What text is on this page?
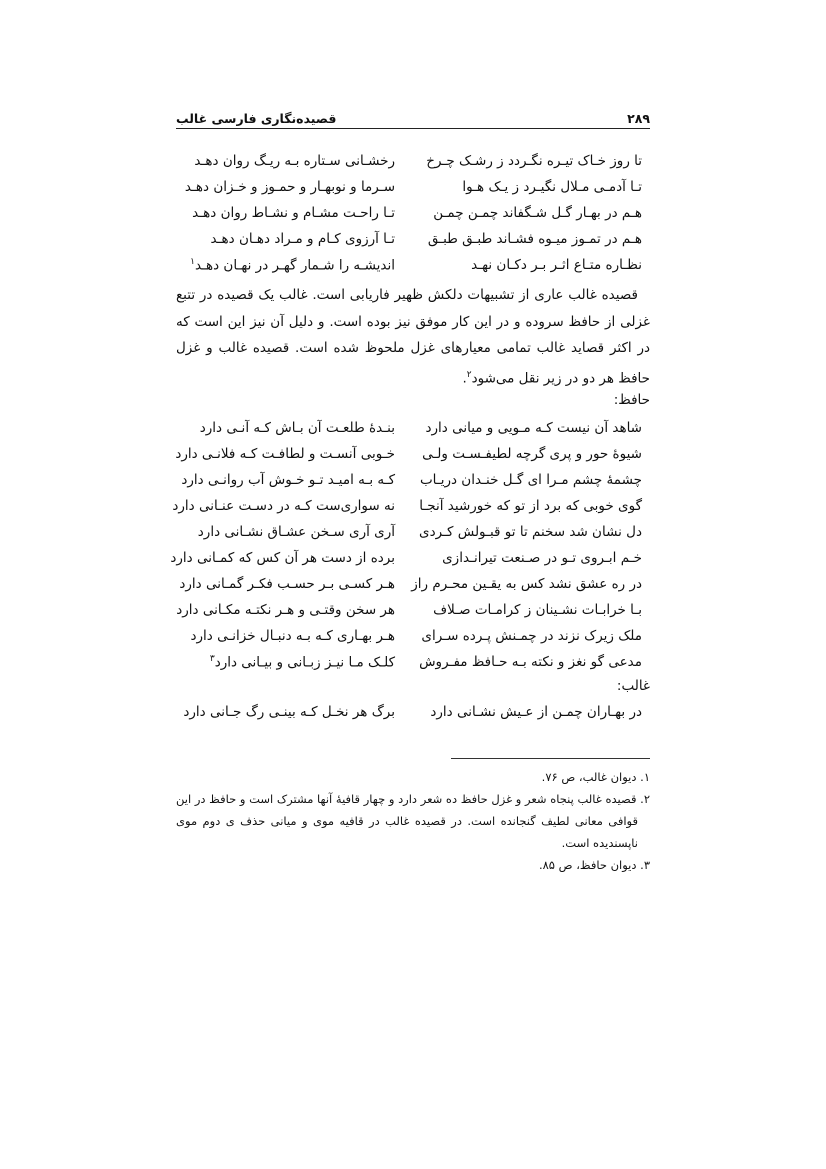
۲۸۹
قصیده‌نگاری فارسی غالب
تا روز خـاک تیـره نگـردد ز رشـک چـرخ
رخشـانی سـتاره بـه ریـگ روان دهـد
تـا آدمـی مـلال نگیـرد ز یـک هـوا
سـرما و نوبهـار و حمـوز و خـزان دهـد
هـم در بهـار گـل شـگفاند چمـن چمـن
تـا راحـت مشـام و نشـاط روان دهـد
هـم در تمـوز میـوه فشـاند طبـق طبـق
تـا آرزوی کـام و مـراد دهـان دهـد
نظـاره متـاع اثـر بـر دکـان نهـد
اندیشـه را شـمار گهـر در نهـان دهـد$^۱$

قصیده غالب عاری از تشبیهات دلکش ظهیر فاریابی است. غالب یک قصیده در تتبع غزلی از حافظ سروده و در این کار موفق نیز بوده است. و دلیل آن نیز این است که در اکثر قصاید غالب تمامی معیارهای غزل ملحوظ شده است. قصیده غالب و غزل حافظ هر دو در زیر نقل می‌شود$^۲$.

حافظ:
شاهد آن نیست کـه مـویی و میانی دارد
بنـدهٔ طلعـت آن بـاش کـه آنـی دارد
شیوهٔ حور و پری گرچه لطیفـسـت ولـی
خـوبی آنسـت و لطافـت کـه فلانـی دارد
چشمهٔ چشم مـرا ای گـل خنـدان دریـاب
کـه بـه امیـد تـو خـوش آب روانـی دارد
گوی خوبی که برد از تو که خورشید آنجـا
نه سواری‌ست کـه در دسـت عنـانی دارد
دل نشان شد سخنم تا تو قبـولش کـردی
آری آری سـخن عشـاق نشـانی دارد
خـم ابـروی تـو در صـنعت تیرانـدازی
برده از دست هر آن کس که کمـانی دارد
در ره عشق نشد کس به یقـین محـرم راز
هـر کسـی بـر حسـب فکـر گمـانی دارد
بـا خرابـات نشـینان ز کرامـات صـلاف
هر سخن وقتـی و هـر نکتـه مکـانی دارد
ملک زیرک نزند در چمـنش پـرده سـرای
هـر بهـاری کـه بـه دنبـال خزانـی دارد
مدعی گو نغز و نکته بـه حـافظ مفـروش
کلـک مـا نیـز زبـانی و بیـانی دارد$^۳$
غالب:
در بهـاران چمـن از عـیش نشـانی دارد
برگ هر نخـل کـه بینـی رگ جـانی دارد

۱. دیوان غالب، ص ۷۶.

۲. قصیده غالب پنجاه شعر و غزل حافظ ده شعر دارد و چهار قافیهٔ آنها مشترک است و حافظ در این قوافی معانی لطیف گنجانده است. در قصیده غالب در قافیه موی و میانی حذف ی دوم موی ناپسندیده است.

۳. دیوان حافظ، ص ۸۵.
